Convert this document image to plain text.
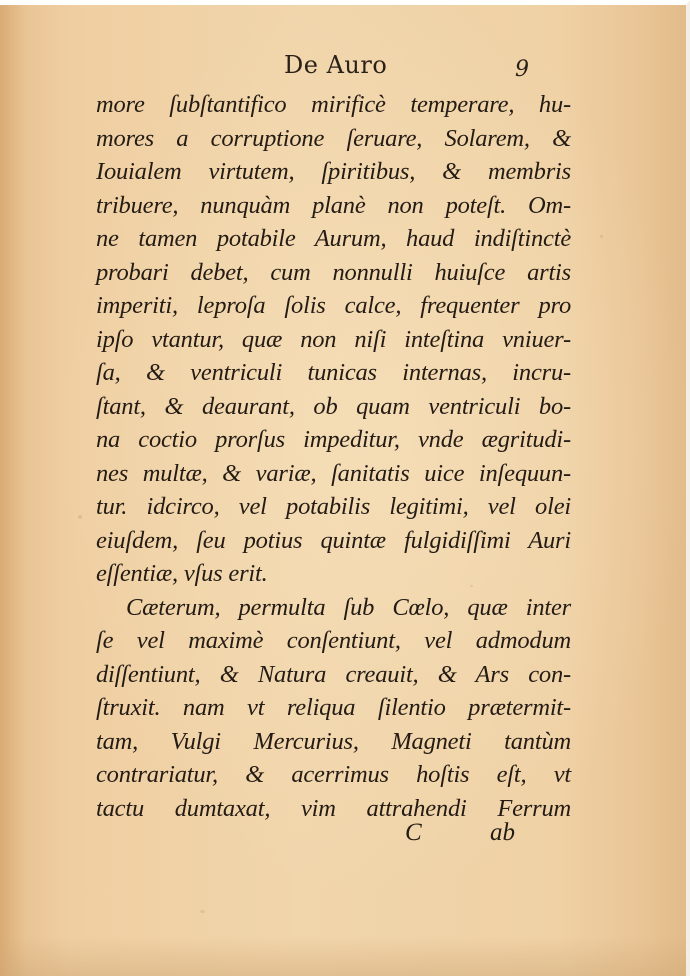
De Auro	9
more ſubſtantifico mirificè temperare, hu-
mores a corruptione ſeruare, Solarem, &
Iouialem virtutem, ſpiritibus, & membris
tribuere, nunquàm planè non poteſt. Om-
ne tamen potabile Aurum, haud indiſtinctè
probari debet, cum nonnulli huiuſce artis
imperiti, leproſa ſolis calce, frequenter pro
ipſo vtantur, quæ non niſi inteſtina vniuer-
ſa, & ventriculi tunicas internas, incru-
ſtant, & deaurant, ob quam ventriculi bo-
na coctio prorſus impeditur, vnde ægritudi-
nes multæ, & variæ, ſanitatis uice inſequun-
tur. idcirco, vel potabilis legitimi, vel olei
eiuſdem, ſeu potius quintæ fulgidiſſimi Auri
eſſentiæ, vſus erit.
Cæterum, permulta ſub Cœlo, quæ inter
ſe vel maximè conſentiunt, vel admodum
diſſentiunt, & Natura creauit, & Ars con-
ſtruxit. nam vt reliqua ſilentio prætermit-
tam, Vulgi Mercurius, Magneti tantùm
contrariatur, & acerrimus hoſtis eſt, vt
tactu dumtaxat, vim attrahendi Ferrum
C	ab
